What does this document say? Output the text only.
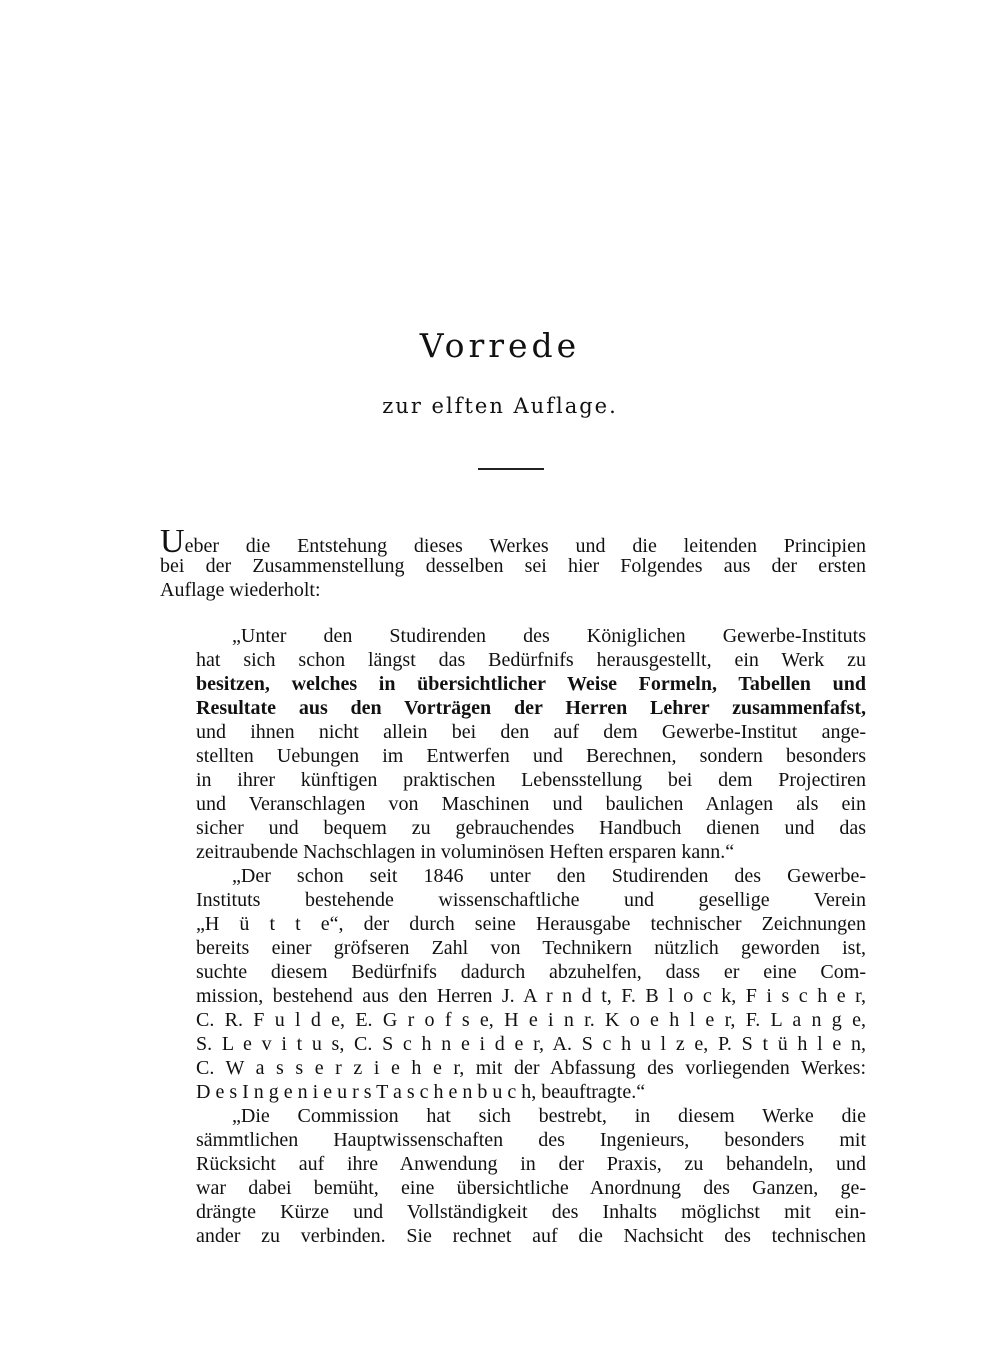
Vorrede
zur elften Auflage.
Ueber die Entstehung dieses Werkes und die leitenden Principien
bei der Zusammenstellung desselben sei hier Folgendes aus der ersten
Auflage wiederholt:
„Unter den Studirenden des Königlichen Gewerbe-Instituts
hat sich schon längst das Bedürfnifs herausgestellt, ein Werk zu
besitzen, welches in übersichtlicher Weise Formeln, Tabellen und
Resultate aus den Vorträgen der Herren Lehrer zusammenfafst,
und ihnen nicht allein bei den auf dem Gewerbe-Institut ange-
stellten Uebungen im Entwerfen und Berechnen, sondern besonders
in ihrer künftigen praktischen Lebensstellung bei dem Projectiren
und Veranschlagen von Maschinen und baulichen Anlagen als ein
sicher und bequem zu gebrauchendes Handbuch dienen und das
zeitraubende Nachschlagen in voluminösen Heften ersparen kann.“
„Der schon seit 1846 unter den Studirenden des Gewerbe-
Instituts bestehende wissenschaftliche und gesellige Verein
„H ü t t e“, der durch seine Herausgabe technischer Zeichnungen
bereits einer gröfseren Zahl von Technikern nützlich geworden ist,
suchte diesem Bedürfnifs dadurch abzuhelfen, dass er eine Com-
mission, bestehend aus den Herren J. A r n d t, F. B l o c k, F i s c h e r,
C. R. F u l d e, E. G r o f s e, H e i n r. K o e h l e r, F. L a n g e,
S. L e v i t u s, C. S c h n e i d e r, A. S c h u l z e, P. S t ü h l e n,
C. W a s s e r z i e h e r, mit der Abfassung des vorliegenden Werkes:
D e s I n g e n i e u r s T a s c h e n b u c h, beauftragte.“
„Die Commission hat sich bestrebt, in diesem Werke die
sämmtlichen Hauptwissenschaften des Ingenieurs, besonders mit
Rücksicht auf ihre Anwendung in der Praxis, zu behandeln, und
war dabei bemüht, eine übersichtliche Anordnung des Ganzen, ge-
drängte Kürze und Vollständigkeit des Inhalts möglichst mit ein-
ander zu verbinden. Sie rechnet auf die Nachsicht des technischen
